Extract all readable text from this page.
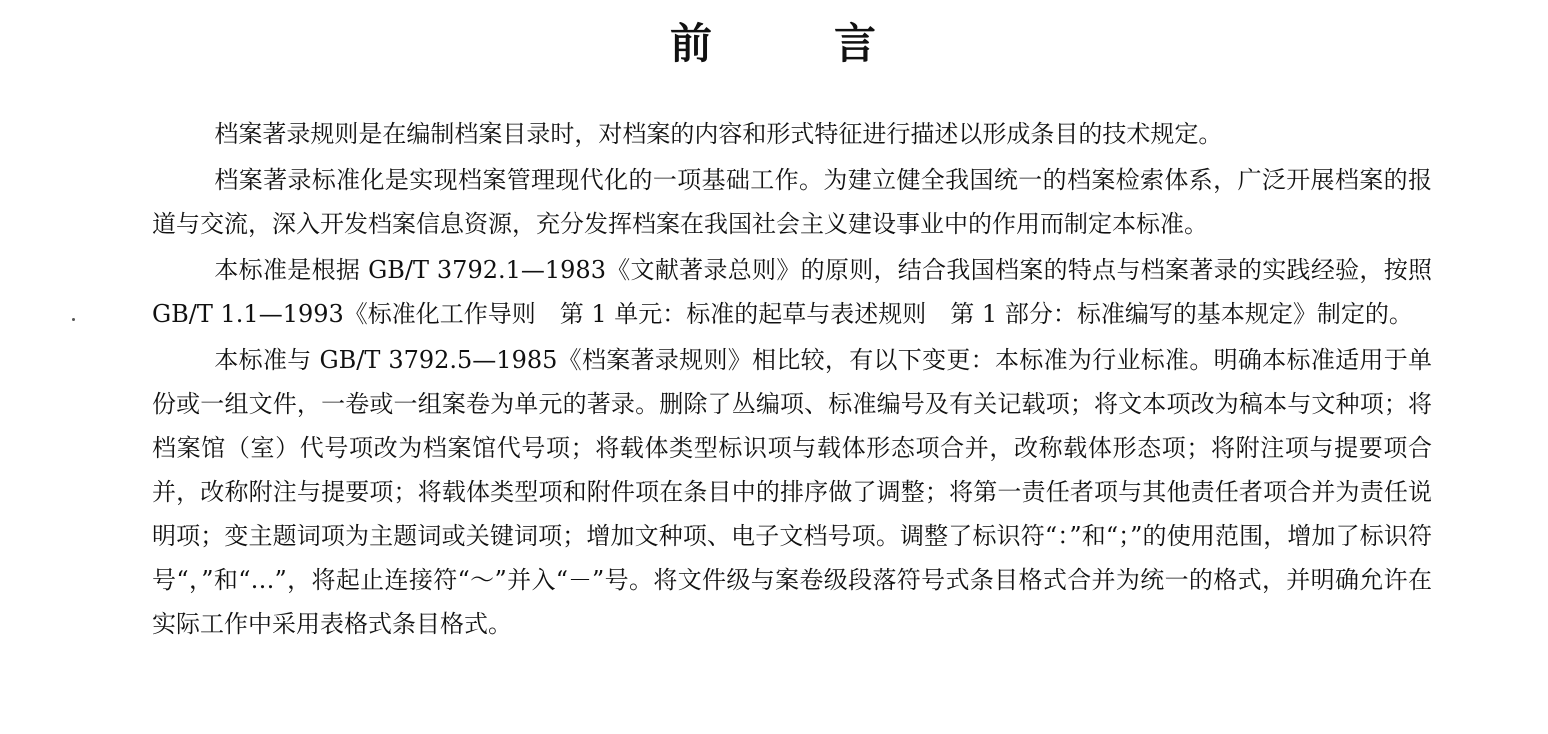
前	言

档案著录规则是在编制档案目录时，对档案的内容和形式特征进行描述以形成条目的技术规定。

档案著录标准化是实现档案管理现代化的一项基础工作。为建立健全我国统一的档案检索体系，广泛开展档案的报道与交流，深入开发档案信息资源，充分发挥档案在我国社会主义建设事业中的作用而制定本标准。

本标准是根据 GB/T 3792.1—1983《文献著录总则》的原则，结合我国档案的特点与档案著录的实践经验，按照 GB/T 1.1—1993《标准化工作导则　第 1 单元：标准的起草与表述规则　第 1 部分：标准编写的基本规定》制定的。

本标准与 GB/T 3792.5—1985《档案著录规则》相比较，有以下变更：本标准为行业标准。明确本标准适用于单份或一组文件，一卷或一组案卷为单元的著录。删除了丛编项、标准编号及有关记载项；将文本项改为稿本与文种项；将档案馆（室）代号项改为档案馆代号项；将载体类型标识项与载体形态项合并，改称载体形态项；将附注项与提要项合并，改称附注与提要项；将载体类型项和附件项在条目中的排序做了调整；将第一责任者项与其他责任者项合并为责任说明项；变主题词项为主题词或关键词项；增加文种项、电子文档号项。调整了标识符“：”和“；”的使用范围，增加了标识符号“，”和“…”，将起止连接符“～”并入“－”号。将文件级与案卷级段落符号式条目格式合并为统一的格式，并明确允许在实际工作中采用表格式条目格式。
